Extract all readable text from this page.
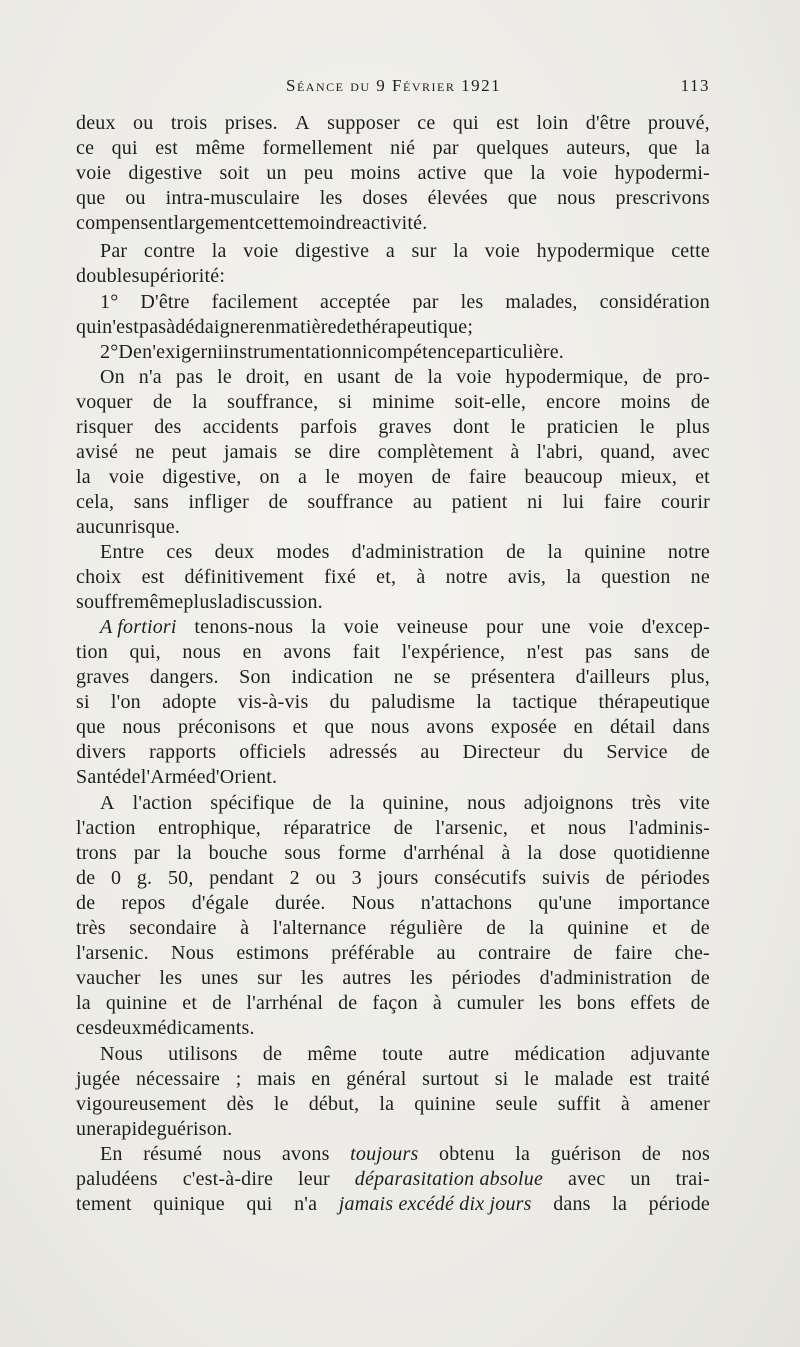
Séance du 9 Février 1921	113
deux ou trois prises. A supposer ce qui est loin d'être prouvé,
ce qui est même formellement nié par quelques auteurs, que la
voie digestive soit un peu moins active que la voie hypodermi-
que ou intra-musculaire les doses élevées que nous prescrivons
compensent largement cette moindre activité.
Par contre la voie digestive a sur la voie hypodermique cette
double supériorité :
1° D'être facilement acceptée par les malades, considération
qui n'est pas à dédaigner en matière de thérapeutique ;
2° De n'exiger ni instrumentation ni compétence particulière.
On n'a pas le droit, en usant de la voie hypodermique, de pro-
voquer de la souffrance, si minime soit-elle, encore moins de
risquer des accidents parfois graves dont le praticien le plus
avisé ne peut jamais se dire complètement à l'abri, quand, avec
la voie digestive, on a le moyen de faire beaucoup mieux, et
cela, sans infliger de souffrance au patient ni lui faire courir
aucun risque.
Entre ces deux modes d'administration de la quinine notre
choix est définitivement fixé et, à notre avis, la question ne
souffre même plus la discussion.
A fortiori tenons-nous la voie veineuse pour une voie d'excep-
tion qui, nous en avons fait l'expérience, n'est pas sans de
graves dangers. Son indication ne se présentera d'ailleurs plus,
si l'on adopte vis-à-vis du paludisme la tactique thérapeutique
que nous préconisons et que nous avons exposée en détail dans
divers rapports officiels adressés au Directeur du Service de
Santé de l'Armée d'Orient.
A l'action spécifique de la quinine, nous adjoignons très vite
l'action entrophique, réparatrice de l'arsenic, et nous l'adminis-
trons par la bouche sous forme d'arrhénal à la dose quotidienne
de 0 g. 50, pendant 2 ou 3 jours consécutifs suivis de périodes
de repos d'égale durée. Nous n'attachons qu'une importance
très secondaire à l'alternance régulière de la quinine et de
l'arsenic. Nous estimons préférable au contraire de faire che-
vaucher les unes sur les autres les périodes d'administration de
la quinine et de l'arrhénal de façon à cumuler les bons effets de
ces deux médicaments.
Nous utilisons de même toute autre médication adjuvante
jugée nécessaire ; mais en général surtout si le malade est traité
vigoureusement dès le début, la quinine seule suffit à amener
une rapide guérison.
En résumé nous avons toujours obtenu la guérison de nos
paludéens c'est-à-dire leur déparasitation absolue avec un trai-
tement quinique qui n'a jamais excédé dix jours dans la période
